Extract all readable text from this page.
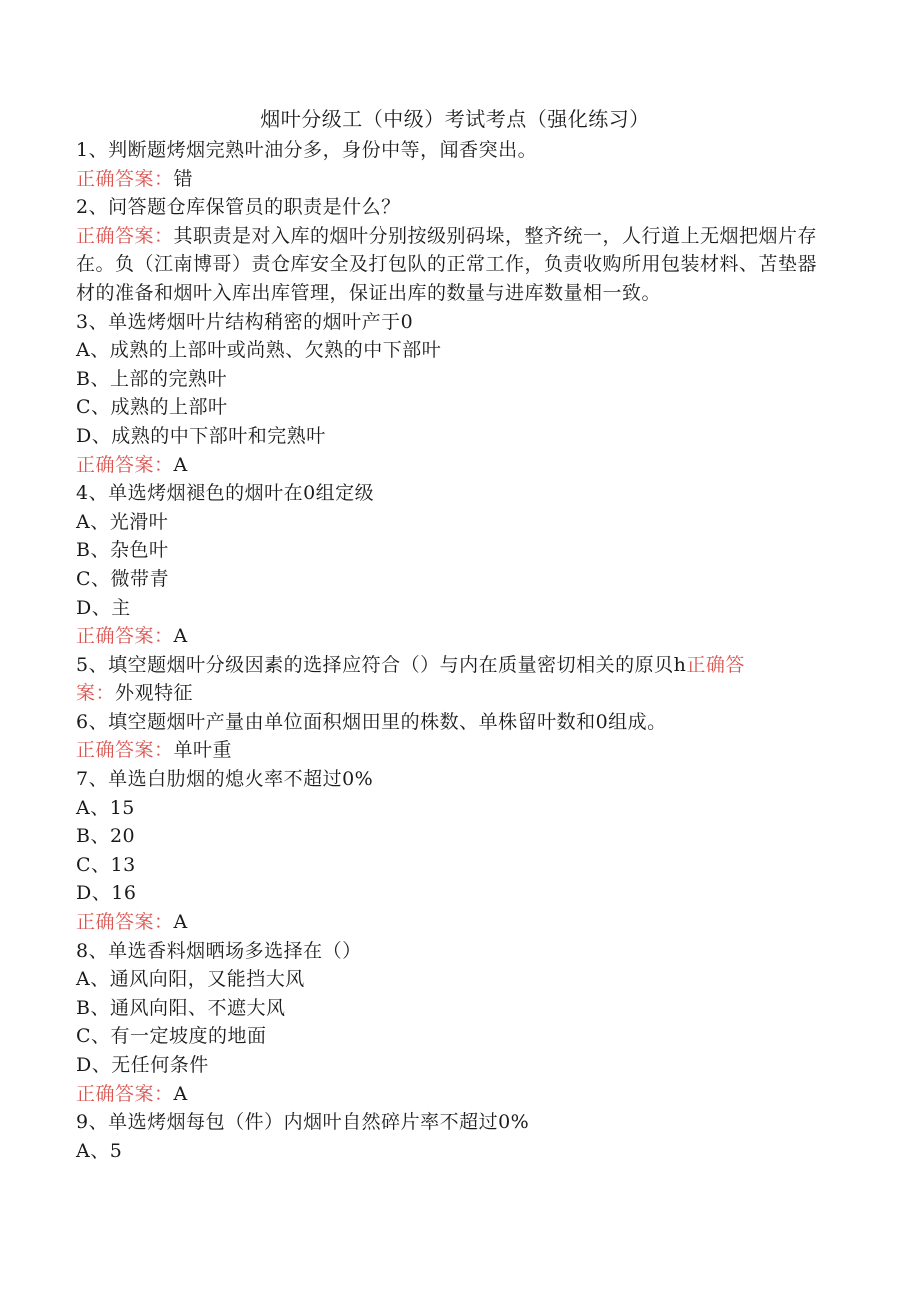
烟叶分级工（中级）考试考点（强化练习）
1、判断题烤烟完熟叶油分多，身份中等，闻香突出。
正确答案：错
2、问答题仓库保管员的职责是什么？
正确答案：其职责是对入库的烟叶分别按级别码垛，整齐统一，人行道上无烟把烟片存在。负（江南博哥）责仓库安全及打包队的正常工作，负责收购所用包装材料、苫垫器材的准备和烟叶入库出库管理，保证出库的数量与进库数量相一致。
3、单选烤烟叶片结构稍密的烟叶产于0
A、成熟的上部叶或尚熟、欠熟的中下部叶
B、上部的完熟叶
C、成熟的上部叶
D、成熟的中下部叶和完熟叶
正确答案：A
4、单选烤烟褪色的烟叶在0组定级
A、光滑叶
B、杂色叶
C、微带青
D、主
正确答案：A
5、填空题烟叶分级因素的选择应符合（）与内在质量密切相关的原贝h正确答
案：外观特征
6、填空题烟叶产量由单位面积烟田里的株数、单株留叶数和0组成。
正确答案：单叶重
7、单选白肋烟的熄火率不超过0%
A、15
B、20
C、13
D、16
正确答案：A
8、单选香料烟晒场多选择在（）
A、通风向阳，又能挡大风
B、通风向阳、不遮大风
C、有一定坡度的地面
D、无任何条件
正确答案：A
9、单选烤烟每包（件）内烟叶自然碎片率不超过0%
A、5
